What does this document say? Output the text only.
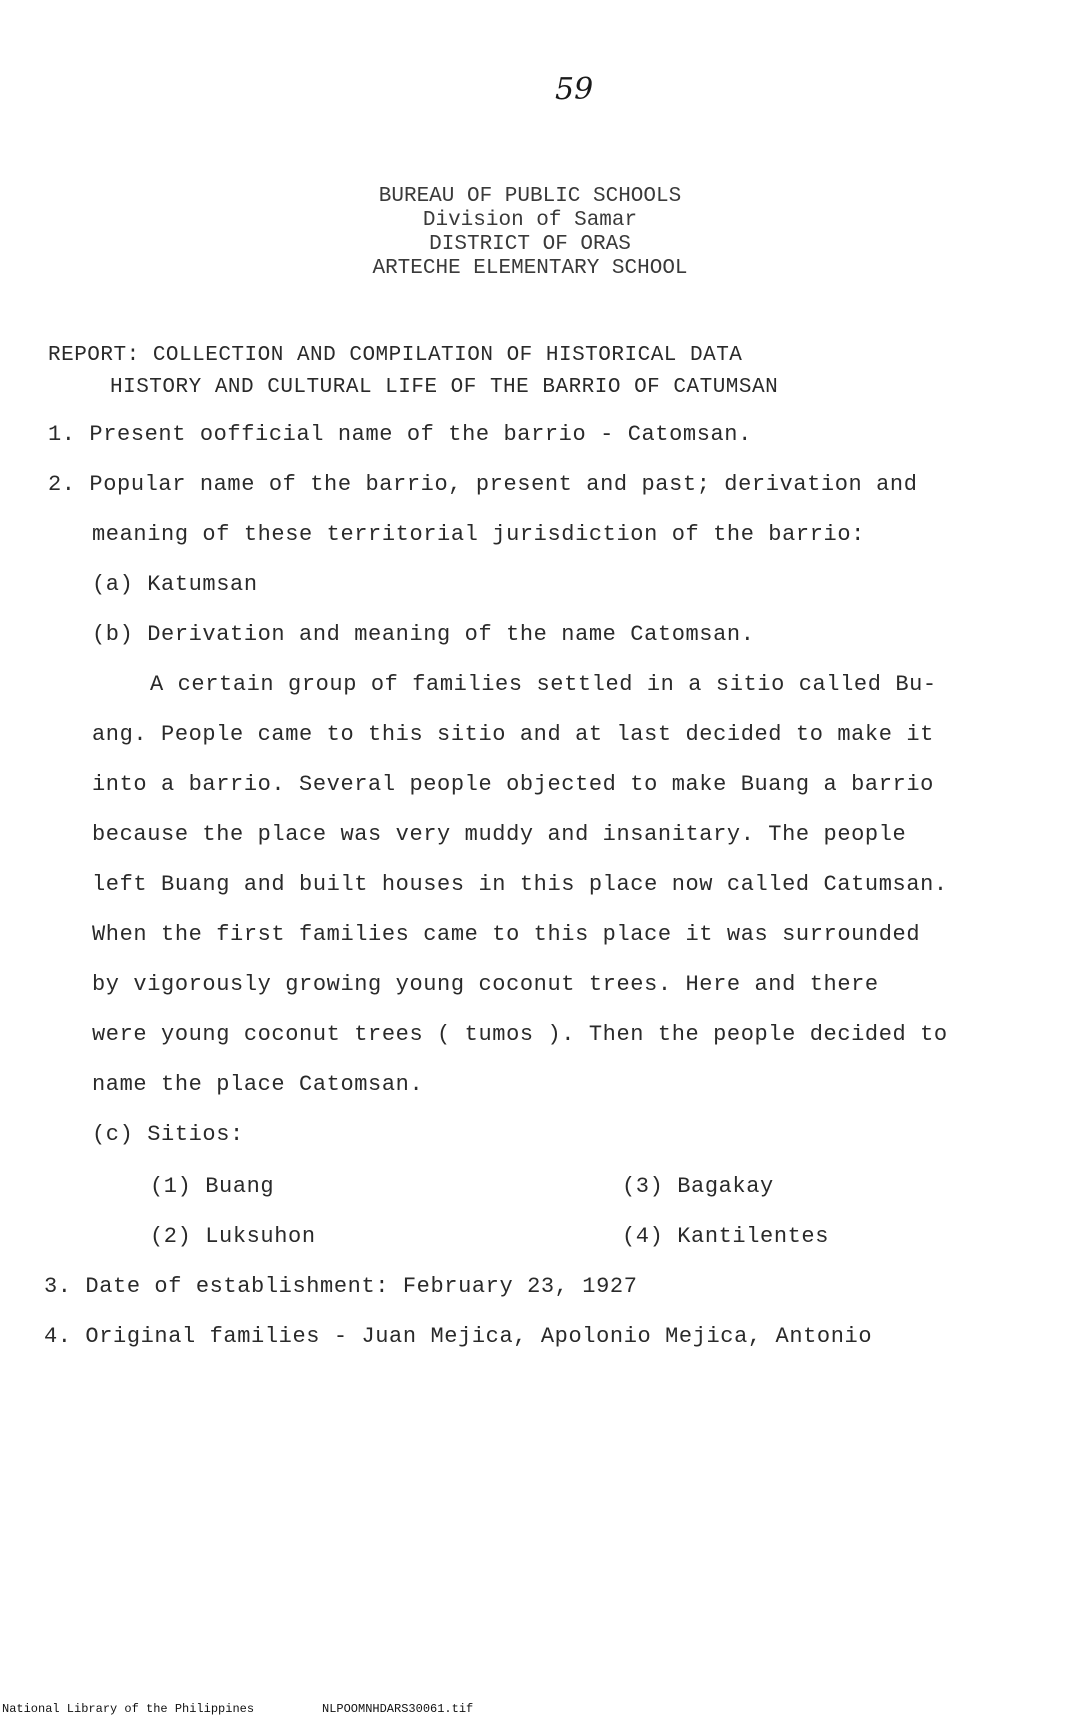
59
BUREAU OF PUBLIC SCHOOLS
Division of Samar
DISTRICT OF ORAS
ARTECHE ELEMENTARY SCHOOL
REPORT: COLLECTION AND COMPILATION OF HISTORICAL DATA
HISTORY AND CULTURAL LIFE OF THE BARRIO OF CATUMSAN
1. Present oofficial name of the barrio - Catomsan.
2. Popular name of the barrio, present and past; derivation and
meaning of these territorial jurisdiction of the barrio:
(a) Katumsan
(b) Derivation and meaning of the name Catomsan.
A certain group of families settled in a sitio called Bu-
ang. People came to this sitio and at last decided to make it
into a barrio. Several people objected to make Buang a barrio
because the place was very muddy and insanitary. The people
left Buang and built houses in this place now called Catumsan.
When the first families came to this place it was surrounded
by vigorously growing young coconut trees. Here and there
were young coconut trees ( tumos ). Then the people decided to
name the place Catomsan.
(c) Sitios:
(1) Buang	(3) Bagakay
(2) Luksuhon	(4) Kantilentes
3. Date of establishment: February 23, 1927
4. Original families - Juan Mejica, Apolonio Mejica, Antonio
National Library of the Philippines	NLPOOMNHDARS30061.tif
